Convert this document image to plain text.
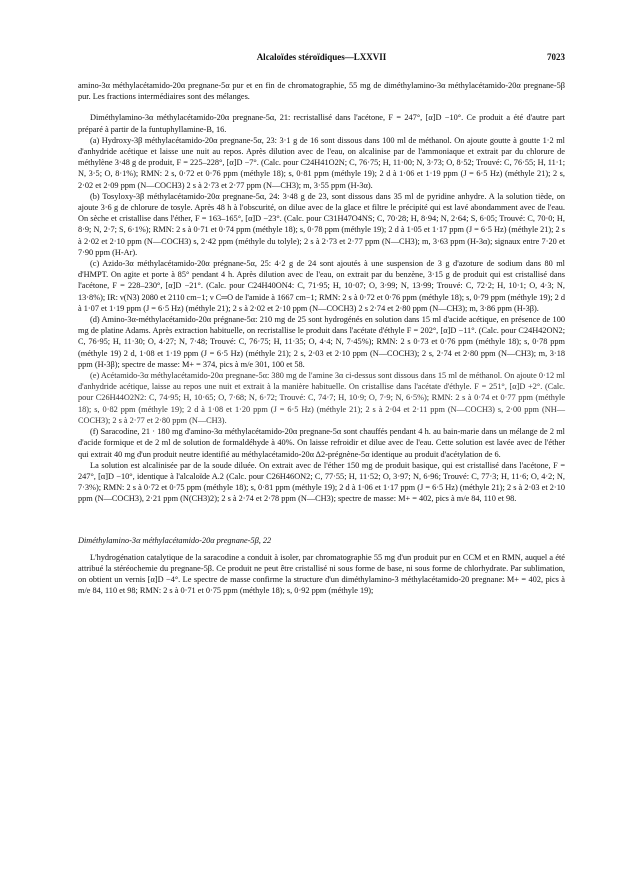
Alcaloïdes stéroïdiques—LXXVII	7023

amino-3α méthylacétamido-20α pregnane-5α pur et en fin de chromatographie, 55 mg de diméthylamino-3α méthylacétamido-20α pregnane-5β pur. Les fractions intermédiaires sont des mélanges.

Diméthylamino-3α méthylacétamido-20α pregnane-5α, 21: recristallisé dans l'acétone, F = 247°, [α]D −10°. Ce produit a été d'autre part préparé à partir de la funtuphyllamine-B, 16.

(a) Hydroxy-3β méthylacétamido-20α pregnane-5α, 23: 3·1 g de 16 sont dissous dans 100 ml de méthanol. On ajoute goutte à goutte 1·2 ml d'anhydride acétique et laisse une nuit au repos. Après dilution avec de l'eau, on alcalinise par de l'ammoniaque et extrait par du chlorure de méthylène 3·48 g de produit, F = 225–228°, [α]D −7°. (Calc. pour C24H41O2N; C, 76·75; H, 11·00; N, 3·73; O, 8·52; Trouvé: C, 76·55; H, 11·1; N, 3·5; O, 8·1%); RMN: 2 s, 0·72 et 0·76 ppm (méthyle 18); s, 0·81 ppm (méthyle 19); 2 d à 1·06 et 1·19 ppm (J = 6·5 Hz) (méthyle 21); 2 s, 2·02 et 2·09 ppm (N—COCH3) 2 s à 2·73 et 2·77 ppm (N—CH3); m, 3·55 ppm (H-3α).

(b) Tosyloxy-3β méthylacétamido-20α pregnane-5α, 24: 3·48 g de 23, sont dissous dans 35 ml de pyridine anhydre. A la solution tiède, on ajoute 3·6 g de chlorure de tosyle. Après 48 h à l'obscurité, on dilue avec de la glace et filtre le précipité qui est lavé abondamment avec de l'eau. On sèche et cristallise dans l'éther, F = 163–165°, [α]D −23°. (Calc. pour C31H47O4NS; C, 70·28; H, 8·94; N, 2·64; S, 6·05; Trouvé: C, 70·0; H, 8·9; N, 2·7; S, 6·1%); RMN: 2 s à 0·71 et 0·74 ppm (méthyle 18); s, 0·78 ppm (méthyle 19); 2 d à 1·05 et 1·17 ppm (J = 6·5 Hz) (méthyle 21); 2 s à 2·02 et 2·10 ppm (N—COCH3) s, 2·42 ppm (méthyle du tolyle); 2 s à 2·73 et 2·77 ppm (N—CH3); m, 3·63 ppm (H-3α); signaux entre 7·20 et 7·90 ppm (H-Ar).

(c) Azido-3α méthylacétamido-20α prégnane-5α, 25: 4·2 g de 24 sont ajoutés à une suspension de 3 g d'azoture de sodium dans 80 ml d'HMPT. On agite et porte à 85° pendant 4 h. Après dilution avec de l'eau, on extrait par du benzène, 3·15 g de produit qui est cristallisé dans l'acétone, F = 228–230°, [α]D −21°. (Calc. pour C24H40ON4: C, 71·95; H, 10·07; O, 3·99; N, 13·99; Trouvé: C, 72·2; H, 10·1; O, 4·3; N, 13·8%); IR: ν(N3) 2080 et 2110 cm−1; ν C═O de l'amide à 1667 cm−1; RMN: 2 s à 0·72 et 0·76 ppm (méthyle 18); s, 0·79 ppm (méthyle 19); 2 d à 1·07 et 1·19 ppm (J = 6·5 Hz) (méthyle 21); 2 s à 2·02 et 2·10 ppm (N—COCH3) 2 s 2·74 et 2·80 ppm (N—CH3); m, 3·86 ppm (H-3β).

(d) Amino-3α-méthylacétamido-20α prégnane-5α: 210 mg de 25 sont hydrogénés en solution dans 15 ml d'acide acétique, en présence de 100 mg de platine Adams. Après extraction habituelle, on recristallise le produit dans l'acétate d'éthyle F = 202°, [α]D −11°. (Calc. pour C24H42ON2; C, 76·95; H, 11·30; O, 4·27; N, 7·48; Trouvé: C, 76·75; H, 11·35; O, 4·4; N, 7·45%); RMN: 2 s 0·73 et 0·76 ppm (méthyle 18); s, 0·78 ppm (méthyle 19) 2 d, 1·08 et 1·19 ppm (J = 6·5 Hz) (méthyle 21); 2 s, 2·03 et 2·10 ppm (N—COCH3); 2 s, 2·74 et 2·80 ppm (N—CH3); m, 3·18 ppm (H-3β); spectre de masse: M+ = 374, pics à m/e 301, 100 et 58.

(e) Acétamido-3α méthylacétamido-20α pregnane-5α: 380 mg de l'amine 3α ci-dessus sont dissous dans 15 ml de méthanol. On ajoute 0·12 ml d'anhydride acétique, laisse au repos une nuit et extrait à la manière habituelle. On cristallise dans l'acétate d'éthyle. F = 251°, [α]D +2°. (Calc. pour C26H44O2N2: C, 74·95; H, 10·65; O, 7·68; N, 6·72; Trouvé: C, 74·7; H, 10·9; O, 7·9; N, 6·5%); RMN: 2 s à 0·74 et 0·77 ppm (méthyle 18); s, 0·82 ppm (méthyle 19); 2 d à 1·08 et 1·20 ppm (J = 6·5 Hz) (méthyle 21); 2 s à 2·04 et 2·11 ppm (N—COCH3) s, 2·00 ppm (NH—COCH3); 2 s à 2·77 et 2·80 ppm (N—CH3).

(f) Saracodine, 21 · 180 mg d'amino-3α méthylacétamido-20α pregnane-5α sont chauffés pendant 4 h. au bain-marie dans un mélange de 2 ml d'acide formique et de 2 ml de solution de formaldéhyde à 40%. On laisse refroidir et dilue avec de l'eau. Cette solution est lavée avec de l'éther qui extrait 40 mg d'un produit neutre identifié au méthylacétamido-20α Δ2-prégnène-5α identique au produit d'acétylation de 6.

La solution est alcalinisée par de la soude diluée. On extrait avec de l'éther 150 mg de produit basique, qui est cristallisé dans l'acétone, F = 247°, [α]D −10°, identique à l'alcaloïde A.2 (Calc. pour C26H46ON2; C, 77·55; H, 11·52; O, 3·97; N, 6·96; Trouvé: C, 77·3; H, 11·6; O, 4·2; N, 7·3%); RMN: 2 s à 0·72 et 0·75 ppm (méthyle 18); s, 0·81 ppm (méthyle 19); 2 d à 1·06 et 1·17 ppm (J = 6·5 Hz) (méthyle 21); 2 s à 2·03 et 2·10 ppm (N—COCH3), 2·21 ppm (N(CH3)2); 2 s à 2·74 et 2·78 ppm (N—CH3); spectre de masse: M+ = 402, pics à m/e 84, 110 et 98.

Diméthylamino-3α méthylacétamido-20α pregnane-5β, 22

L'hydrogénation catalytique de la saracodine a conduit à isoler, par chromatographie 55 mg d'un produit pur en CCM et en RMN, auquel a été attribué la stéréochemie du pregnane-5β. Ce produit ne peut être cristallisé ni sous forme de base, ni sous forme de chlorhydrate. Par sublimation, on obtient un vernis [α]D −4°. Le spectre de masse confirme la structure d'un diméthylamino-3 méthylacétamido-20 pregnane: M+ = 402, pics à m/e 84, 110 et 98; RMN: 2 s à 0·71 et 0·75 ppm (méthyle 18); s, 0·92 ppm (méthyle 19);
